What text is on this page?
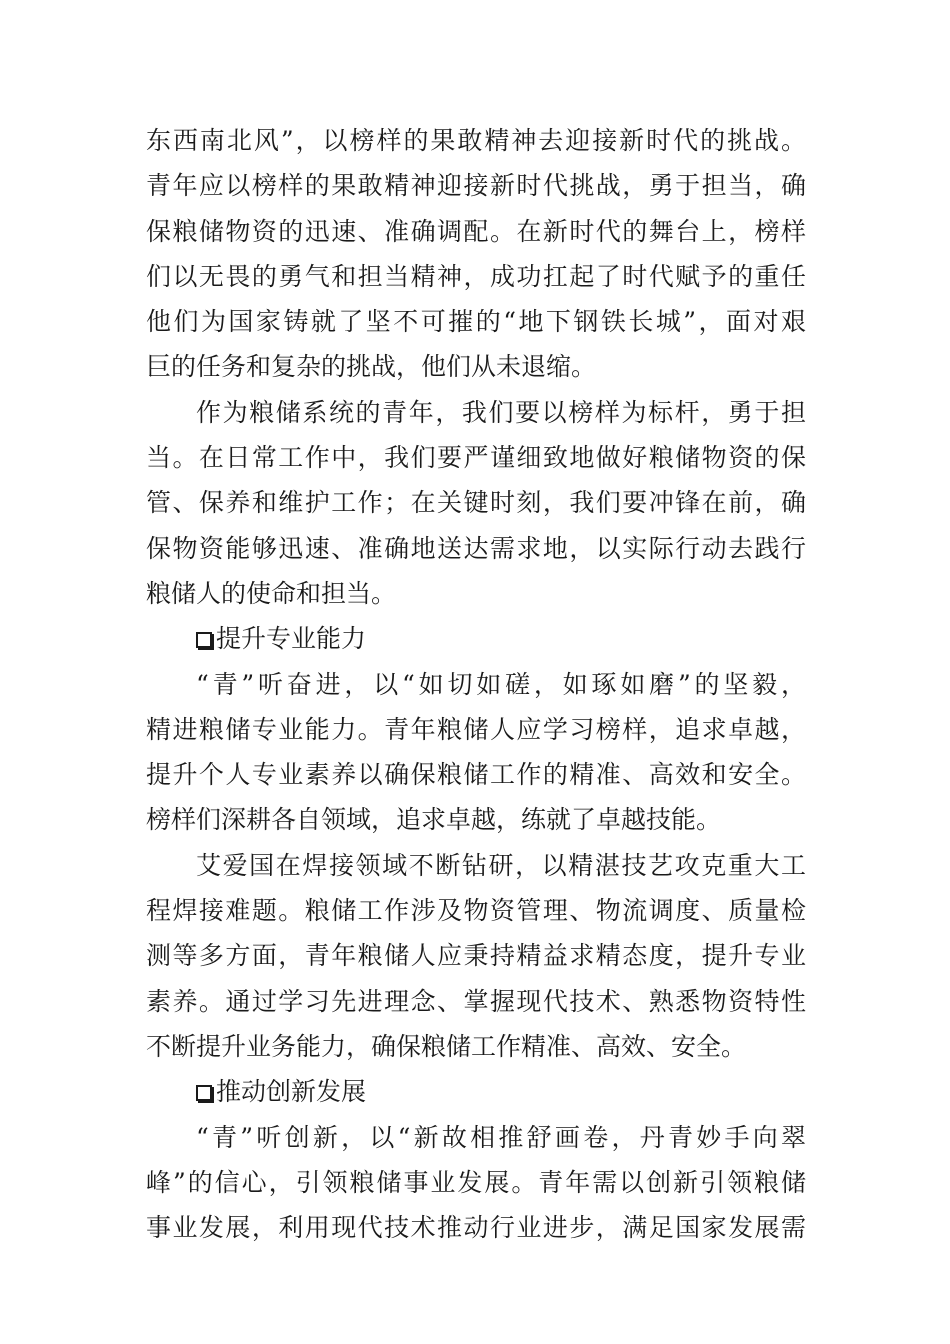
东西南北风”，以榜样的果敢精神去迎接新时代的挑战。
青年应以榜样的果敢精神迎接新时代挑战，勇于担当，确
保粮储物资的迅速、准确调配。在新时代的舞台上，榜样
们以无畏的勇气和担当精神，成功扛起了时代赋予的重任
他们为国家铸就了坚不可摧的“地下钢铁长城”，面对艰
巨的任务和复杂的挑战，他们从未退缩。
作为粮储系统的青年，我们要以榜样为标杆，勇于担
当。在日常工作中，我们要严谨细致地做好粮储物资的保
管、保养和维护工作；在关键时刻，我们要冲锋在前，确
保物资能够迅速、准确地送达需求地，以实际行动去践行
粮储人的使命和担当。
提升专业能力
“青”听奋进，以“如切如磋，如琢如磨”的坚毅，
精进粮储专业能力。青年粮储人应学习榜样，追求卓越，
提升个人专业素养以确保粮储工作的精准、高效和安全。
榜样们深耕各自领域，追求卓越，练就了卓越技能。
艾爱国在焊接领域不断钻研，以精湛技艺攻克重大工
程焊接难题。粮储工作涉及物资管理、物流调度、质量检
测等多方面，青年粮储人应秉持精益求精态度，提升专业
素养。通过学习先进理念、掌握现代技术、熟悉物资特性
不断提升业务能力，确保粮储工作精准、高效、安全。
推动创新发展
“青”听创新，以“新故相推舒画卷，丹青妙手向翠
峰”的信心，引领粮储事业发展。青年需以创新引领粮储
事业发展，利用现代技术推动行业进步，满足国家发展需
